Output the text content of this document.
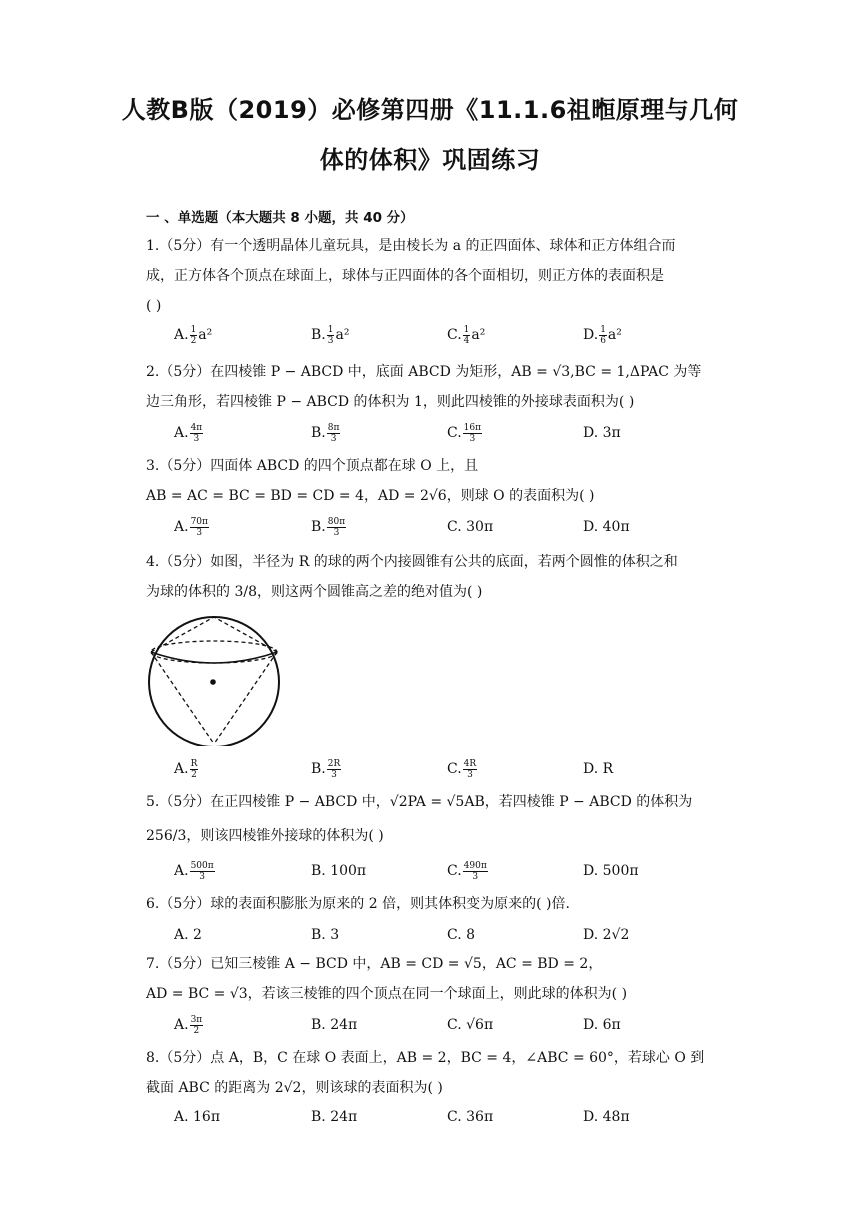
人教B版（2019）必修第四册《11.1.6祖暅原理与几何
体的体积》巩固练习
一 、单选题（本大题共 8 小题，共 40 分）
1.（5分）有一个透明晶体儿童玩具，是由棱长为 a 的正四面体、球体和正方体组合而
成，正方体各个顶点在球面上，球体与正四面体的各个面相切，则正方体的表面积是
( )
A. $\frac{1}{2} a^2$	B. $\frac{1}{3} a^2$	C. $\frac{1}{4} a^2$	D. $\frac{1}{6} a^2$
2.（5分）在四棱锥 P − ABCD 中，底面 ABCD 为矩形，AB = √3,BC = 1,ΔPAC 为等
边三角形，若四棱锥 P − ABCD 的体积为 1，则此四棱锥的外接球表面积为( )
A. $\frac{4\pi}{3}$	B. $\frac{8\pi}{3}$	C. $\frac{16\pi}{3}$	D. 3π
3.（5分）四面体 ABCD 的四个顶点都在球 O 上，且
AB = AC = BC = BD = CD = 4，AD = 2√6，则球 O 的表面积为( )
A. $\frac{70\pi}{3}$	B. $\frac{80\pi}{3}$	C. 30π	D. 40π
4.（5分）如图，半径为 R 的球的两个内接圆锥有公共的底面，若两个圆惟的体积之和
为球的体积的 3/8，则这两个圆锥高之差的绝对值为( )
A. $\frac{R}{2}$	B. $\frac{2R}{3}$	C. $\frac{4R}{3}$	D. R
5.（5分）在正四棱锥 P − ABCD 中，√2PA = √5AB，若四棱锥 P − ABCD 的体积为
256/3，则该四棱锥外接球的体积为( )
A. $\frac{500\pi}{3}$	B. 100π	C. $\frac{490\pi}{3}$	D. 500π
6.（5分）球的表面积膨胀为原来的 2 倍，则其体积变为原来的( )倍.
A. 2	B. 3	C. 8	D. 2√2
7.（5分）已知三棱锥 A − BCD 中，AB = CD = √5，AC = BD = 2，
AD = BC = √3，若该三棱锥的四个顶点在同一个球面上，则此球的体积为( )
A. $\frac{3\pi}{2}$	B. 24π	C. √6π	D. 6π
8.（5分）点 A，B，C 在球 O 表面上，AB = 2，BC = 4，∠ABC = 60°，若球心 O 到
截面 ABC 的距离为 2√2，则该球的表面积为( )
A. 16π	B. 24π	C. 36π	D. 48π
